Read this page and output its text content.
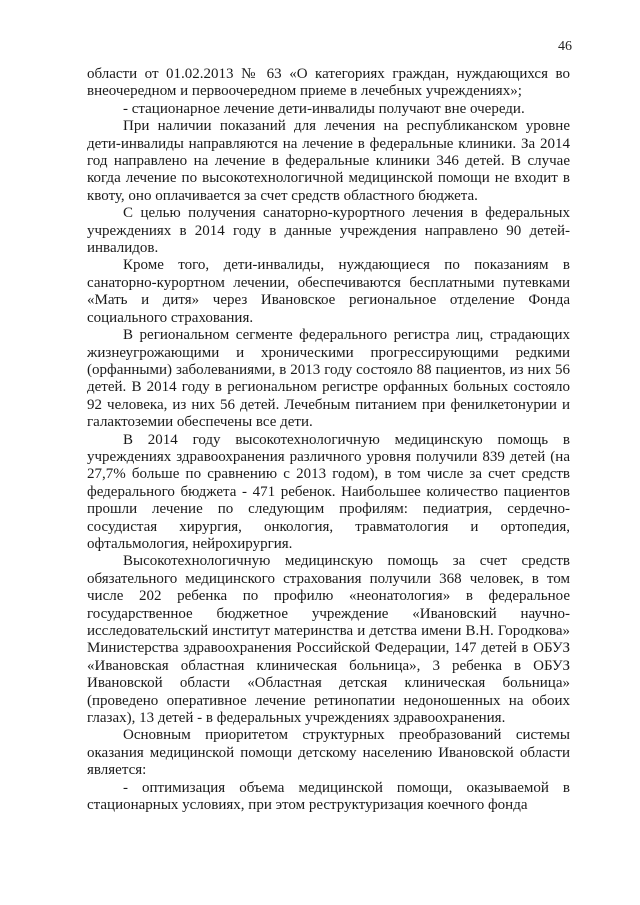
46

области от 01.02.2013 № 63 «О категориях граждан, нуждающихся во внеочередном и первоочередном приеме в лечебных учреждениях»;

- стационарное лечение дети-инвалиды получают вне очереди.

При наличии показаний для лечения на республиканском уровне дети-инвалиды направляются на лечение в федеральные клиники. За 2014 год направлено на лечение в федеральные клиники 346 детей. В случае когда лечение по высокотехнологичной медицинской помощи не входит в квоту, оно оплачивается за счет средств областного бюджета.

С целью получения санаторно-курортного лечения в федеральных учреждениях в 2014 году в данные учреждения направлено 90 детей-инвалидов.

Кроме того, дети-инвалиды, нуждающиеся по показаниям в санаторно-курортном лечении, обеспечиваются бесплатными путевками «Мать и дитя» через Ивановское региональное отделение Фонда социального страхования.

В региональном сегменте федерального регистра лиц, страдающих жизнеугрожающими и хроническими прогрессирующими редкими (орфанными) заболеваниями, в 2013 году состояло 88 пациентов, из них 56 детей. В 2014 году в региональном регистре орфанных больных состояло 92 человека, из них 56 детей. Лечебным питанием при фенилкетонурии и галактоземии обеспечены все дети.

В 2014 году высокотехнологичную медицинскую помощь в учреждениях здравоохранения различного уровня получили 839 детей (на 27,7% больше по сравнению с 2013 годом), в том числе за счет средств федерального бюджета - 471 ребенок. Наибольшее количество пациентов прошли лечение по следующим профилям: педиатрия, сердечно-сосудистая хирургия, онкология, травматология и ортопедия, офтальмология, нейрохирургия.

Высокотехнологичную медицинскую помощь за счет средств обязательного медицинского страхования получили 368 человек, в том числе 202 ребенка по профилю «неонатология» в федеральное государственное бюджетное учреждение «Ивановский научно-исследовательский институт материнства и детства имени В.Н. Городкова» Министерства здравоохранения Российской Федерации, 147 детей в ОБУЗ «Ивановская областная клиническая больница», 3 ребенка в ОБУЗ Ивановской области «Областная детская клиническая больница» (проведено оперативное лечение ретинопатии недоношенных на обоих глазах), 13 детей - в федеральных учреждениях здравоохранения.

Основным приоритетом структурных преобразований системы оказания медицинской помощи детскому населению Ивановской области является:

- оптимизация объема медицинской помощи, оказываемой в стационарных условиях, при этом реструктуризация коечного фонда
